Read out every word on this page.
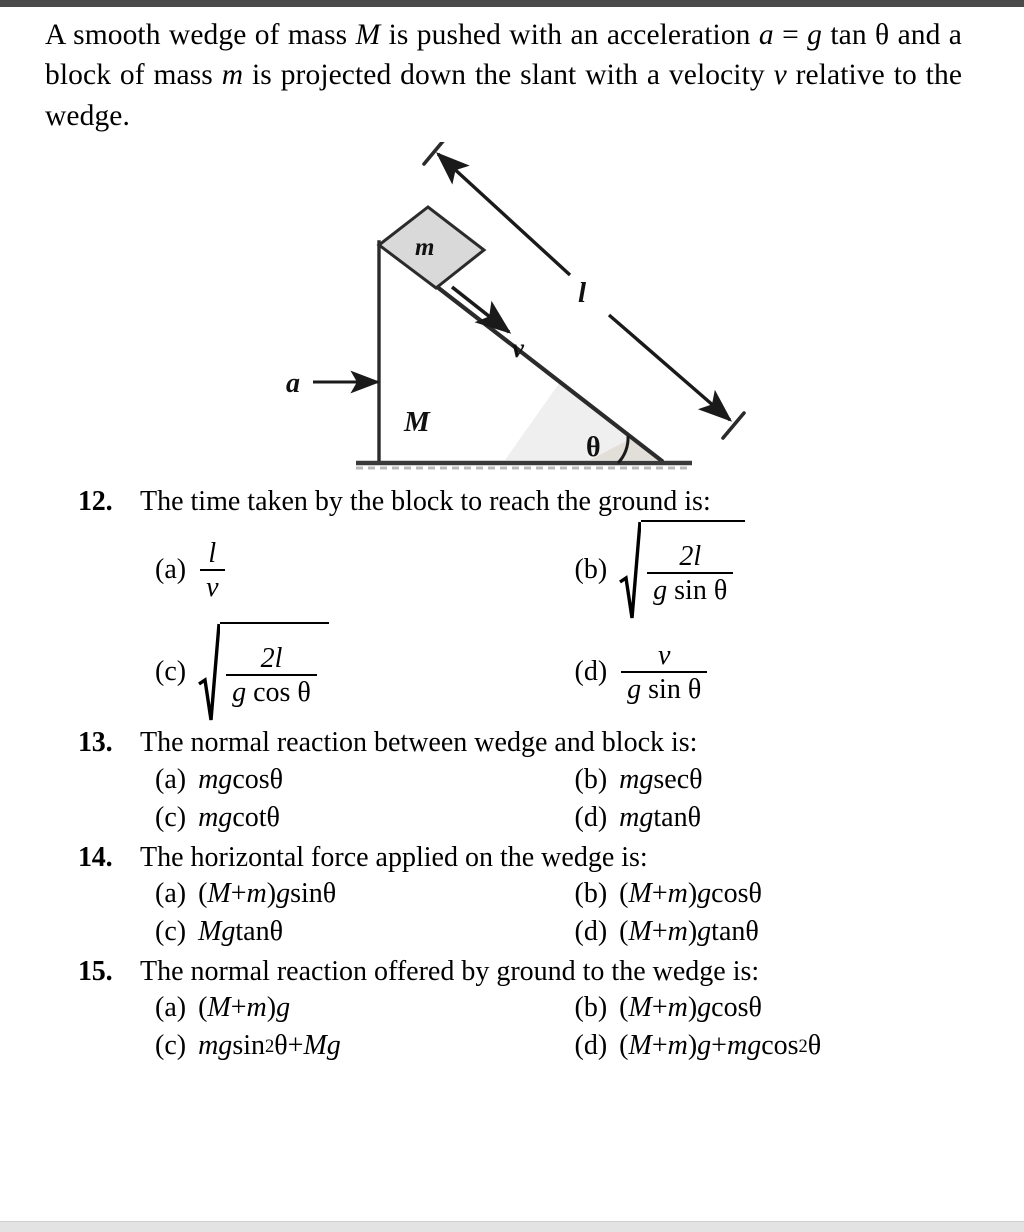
A smooth wedge of mass M is pushed with an acceleration a = g tan θ and a block of mass m is projected down the slant with a velocity v relative to the wedge.

m
v
a
M
l
θ
12. The time taken by the block to reach the ground is:
$(a) \frac{l}{v}$	$(b) \frac{2l}{\text{g sin θ}}$
$(c) \frac{2l}{\text{g cos θ}}$	$(d) \frac{v}{\text{g sin θ}}$
13. The normal reaction between wedge and block is:
(a) mg cos θ	(b) mg sec θ
(c) mg cot θ	(d) mg tan θ
14. The horizontal force applied on the wedge is:
(a) ( M + m ) g sin θ	(b) ( M + m ) g cos θ
(c) Mg tan θ	(d) ( M + m ) g tan θ
15. The normal reaction offered by ground to the wedge is:
(a) ( M + m ) g	(b) ( M + m ) g cos θ
(c) mg sin 2 θ + Mg	(d) ( M + m ) g + mg cos 2 θ
